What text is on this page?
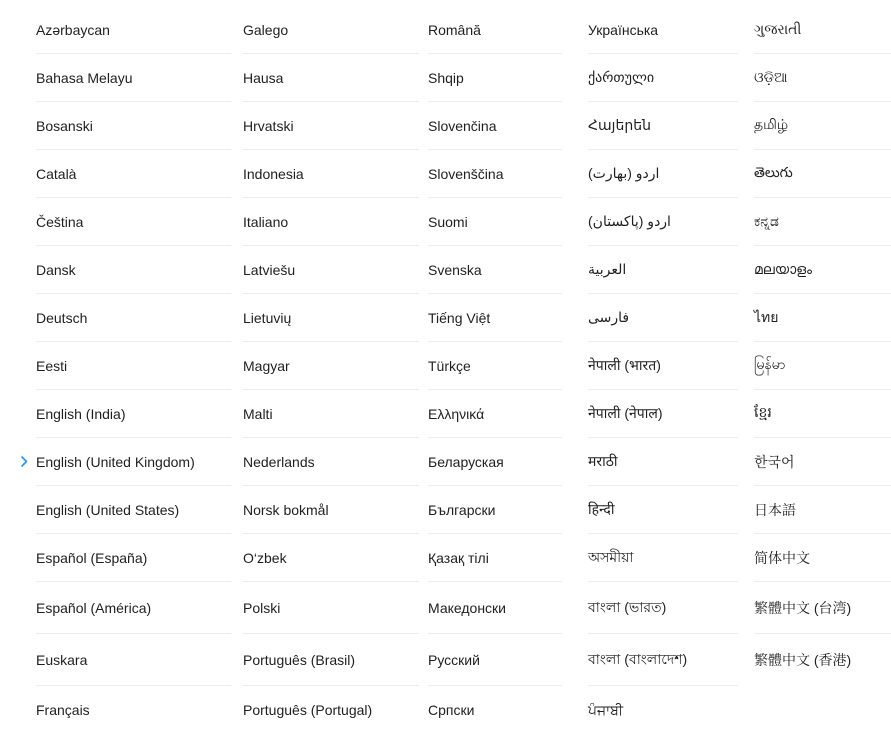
Azərbaycan
Bahasa Melayu
Bosanski
Català
Čeština
Dansk
Deutsch
Eesti
English (India)
English (United Kingdom)
English (United States)
Español (España)
Español (América)
Euskara
Français
Galego
Hausa
Hrvatski
Indonesia
Italiano
Latviešu
Lietuvių
Magyar
Malti
Nederlands
Norsk bokmål
O‘zbek
Polski
Português (Brasil)
Português (Portugal)
Română
Shqip
Slovenčina
Slovenščina
Suomi
Svenska
Tiếng Việt
Türkçe
Ελληνικά
Беларуская
Български
Қазақ тілі
Македонски
Русский
Српски
Українська
ქართული
Հայերեն
اردو (بھارت)
اردو (پاکستان)
العربية
فارسی
नेपाली (भारत)
नेपाली (नेपाल)
मराठी
हिन्दी
অসমীয়া
বাংলা (ভারত)
বাংলা (বাংলাদেশ)
ਪੰਜਾਬੀ
ગુજરાતી
ଓଡ଼ିଆ
தமிழ்
తెలుగు
ಕನ್ನಡ
മലയാളം
ไทย
မြန်မာ
ខ្មែរ
한국어
日本語
简体中文
繁體中文 (台湾)
繁體中文 (香港)
